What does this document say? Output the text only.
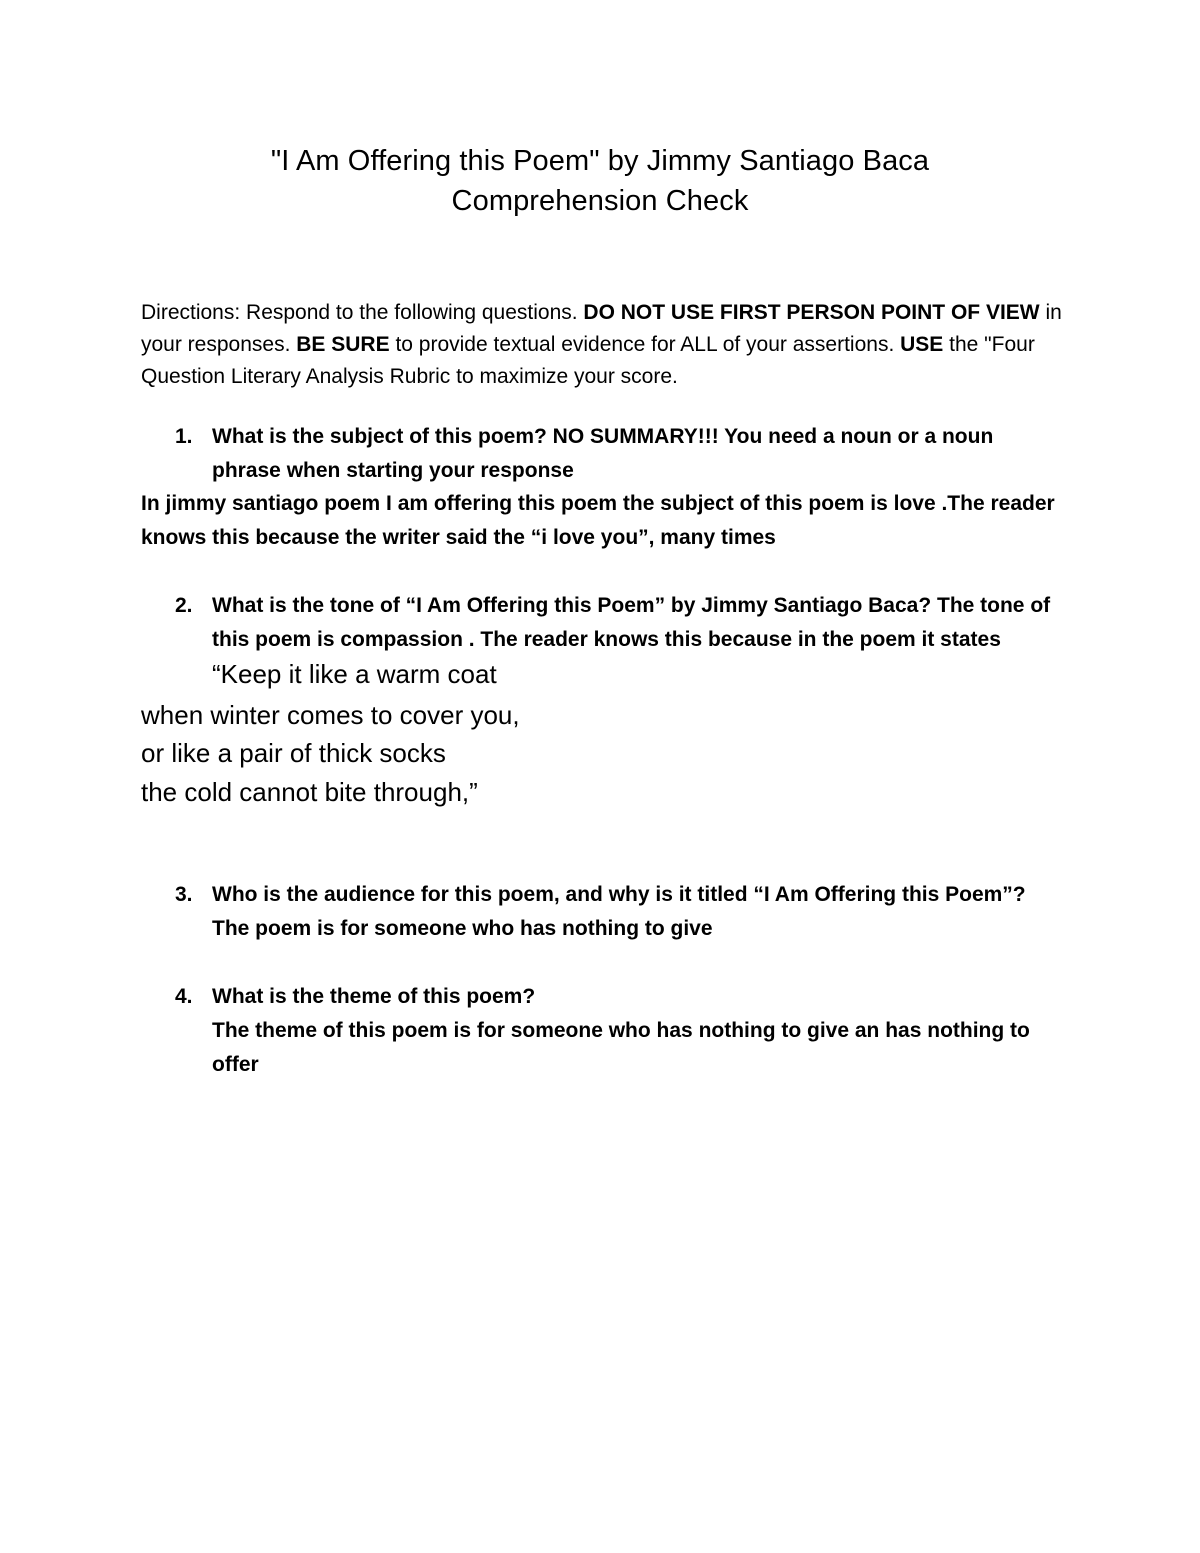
"I Am Offering this Poem" by Jimmy Santiago Baca
Comprehension Check
Directions: Respond to the following questions. DO NOT USE FIRST PERSON POINT OF VIEW in your responses. BE SURE to provide textual evidence for ALL of your assertions. USE the "Four Question Literary Analysis Rubric to maximize your score.
1. What is the subject of this poem? NO SUMMARY!!! You need a noun or a noun phrase when starting your response
In jimmy santiago poem I am offering this poem the subject of this poem is love .The reader knows this because the writer said the “i love you”, many times
2. What is the tone of “I Am Offering this Poem” by Jimmy Santiago Baca? The tone of this poem is compassion . The reader knows this because in the poem it states “Keep it like a warm coat
when winter comes to cover you,
or like a pair of thick socks
the cold cannot bite through,”
3. Who is the audience for this poem, and why is it titled “I Am Offering this Poem”? The poem is for someone who has nothing to give
4. What is the theme of this poem?
The theme of this poem is for someone who has nothing to give an has nothing to offer
